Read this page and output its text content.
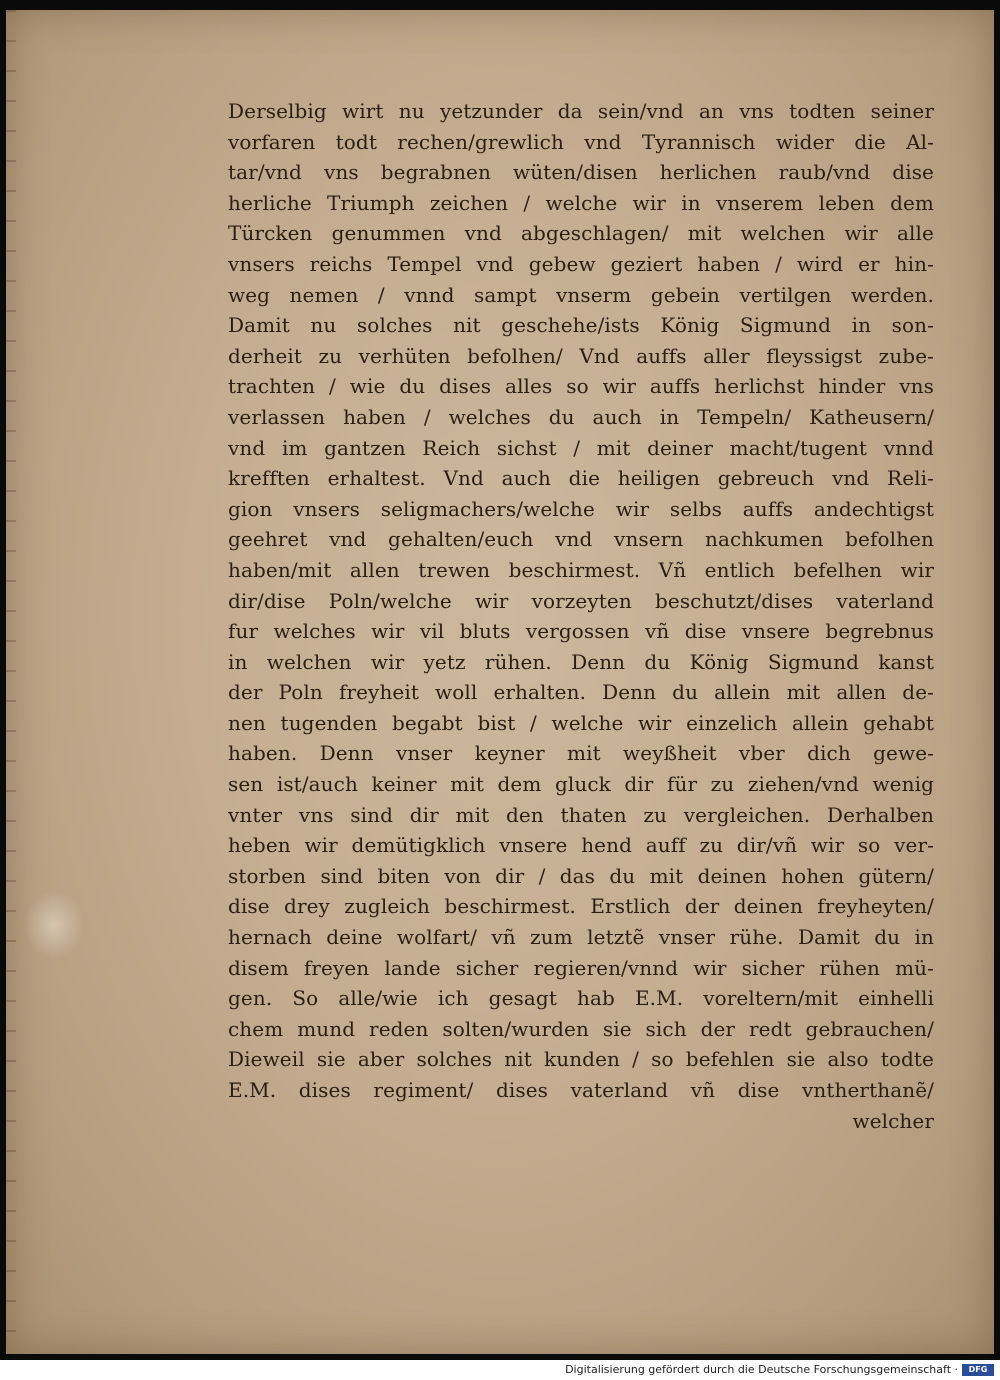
Derselbig wirt nu yetzunder da sein/vnd an vns todten seiner
vorfaren todt rechen/grewlich vnd Tyrannisch wider die Al-
tar/vnd vns begrabnen wüten/disen herlichen raub/vnd dise
herliche Triumph zeichen / welche wir in vnserem leben dem
Türcken genummen vnd abgeschlagen/ mit welchen wir alle
vnsers reichs Tempel vnd gebew geziert haben / wird er hin-
weg nemen / vnnd sampt vnserm gebein vertilgen werden.
Damit nu solches nit geschehe/ists König Sigmund in son-
derheit zu verhüten befolhen/ Vnd auffs aller fleyssigst zube-
trachten / wie du dises alles so wir auffs herlichst hinder vns
verlassen haben / welches du auch in Tempeln/ Katheusern/
vnd im gantzen Reich sichst / mit deiner macht/tugent vnnd
krefften erhaltest. Vnd auch die heiligen gebreuch vnd Reli-
gion vnsers seligmachers/welche wir selbs auffs andechtigst
geehret vnd gehalten/euch vnd vnsern nachkumen befolhen
haben/mit allen trewen beschirmest. Vñ entlich befelhen wir
dir/dise Poln/welche wir vorzeyten beschutzt/dises vaterland
fur welches wir vil bluts vergossen vñ dise vnsere begrebnus
in welchen wir yetz rühen. Denn du König Sigmund kanst
der Poln freyheit woll erhalten. Denn du allein mit allen de-
nen tugenden begabt bist / welche wir einzelich allein gehabt
haben. Denn vnser keyner mit weyßheit vber dich gewe-
sen ist/auch keiner mit dem gluck dir für zu ziehen/vnd wenig
vnter vns sind dir mit den thaten zu vergleichen. Derhalben
heben wir demütigklich vnsere hend auff zu dir/vñ wir so ver-
storben sind biten von dir / das du mit deinen hohen gütern/
dise drey zugleich beschirmest. Erstlich der deinen freyheyten/
hernach deine wolfart/ vñ zum letztẽ vnser rühe. Damit du in
disem freyen lande sicher regieren/vnnd wir sicher rühen mü-
gen. So alle/wie ich gesagt hab E.M. voreltern/mit einhelli
chem mund reden solten/wurden sie sich der redt gebrauchen/
Dieweil sie aber solches nit kunden / so befehlen sie also todte
E.M. dises regiment/ dises vaterland vñ dise vntherthanẽ/
welcher
Digitalisierung gefördert durch die Deutsche Forschungsgemeinschaft ·	DFG
